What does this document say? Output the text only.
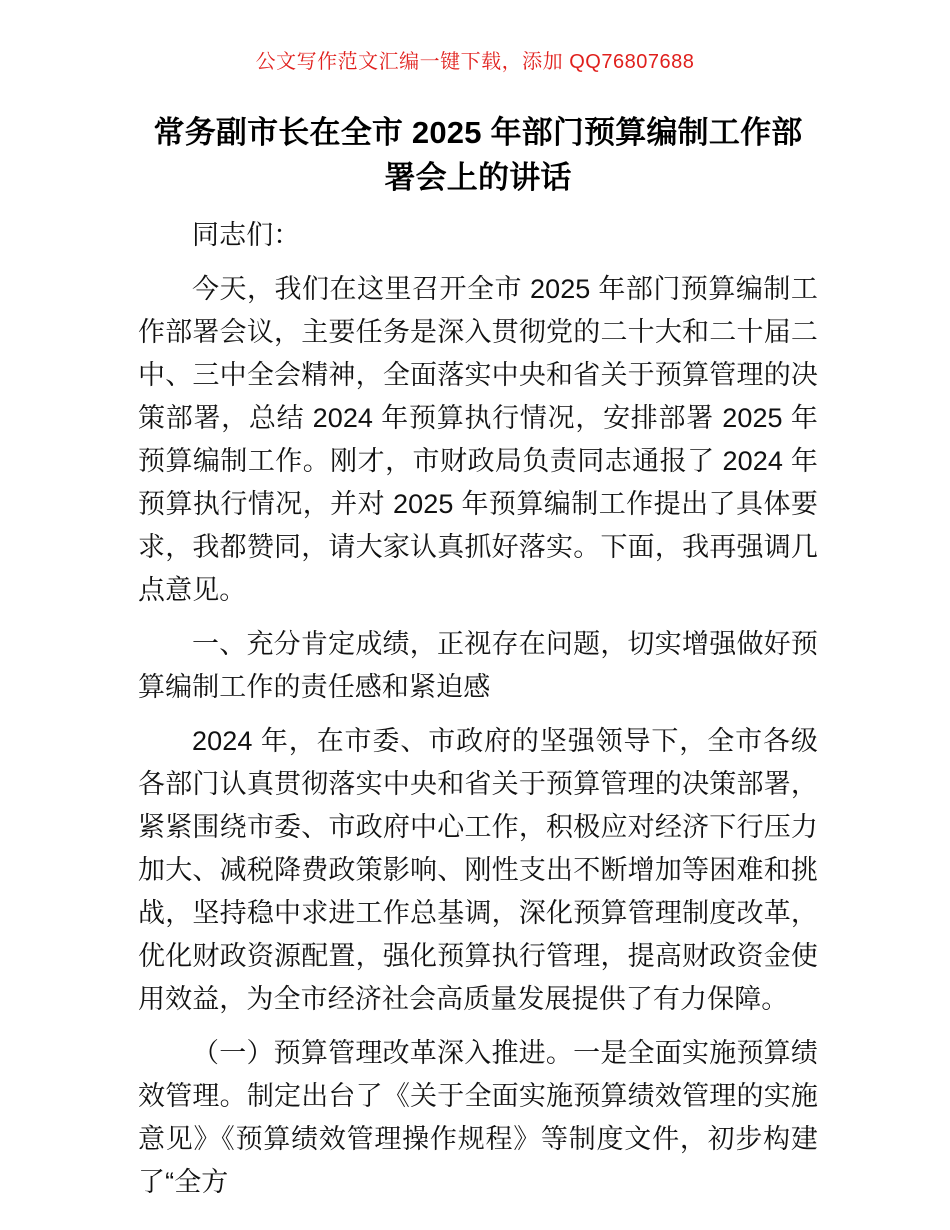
公文写作范文汇编一键下载，添加 QQ76807688
常务副市长在全市 2025 年部门预算编制工作部署会上的讲话

同志们：

今天，我们在这里召开全市 2025 年部门预算编制工作部署会议，主要任务是深入贯彻党的二十大和二十届二中、三中全会精神，全面落实中央和省关于预算管理的决策部署，总结 2024 年预算执行情况，安排部署 2025 年预算编制工作。刚才，市财政局负责同志通报了 2024 年预算执行情况，并对 2025 年预算编制工作提出了具体要求，我都赞同，请大家认真抓好落实。下面，我再强调几点意见。

一、充分肯定成绩，正视存在问题，切实增强做好预算编制工作的责任感和紧迫感

2024 年，在市委、市政府的坚强领导下，全市各级各部门认真贯彻落实中央和省关于预算管理的决策部署，紧紧围绕市委、市政府中心工作，积极应对经济下行压力加大、减税降费政策影响、刚性支出不断增加等困难和挑战，坚持稳中求进工作总基调，深化预算管理制度改革，优化财政资源配置，强化预算执行管理，提高财政资金使用效益，为全市经济社会高质量发展提供了有力保障。

（一）预算管理改革深入推进。一是全面实施预算绩效管理。制定出台了《关于全面实施预算绩效管理的实施意见》《预算绩效管理操作规程》等制度文件，初步构建了“全方
